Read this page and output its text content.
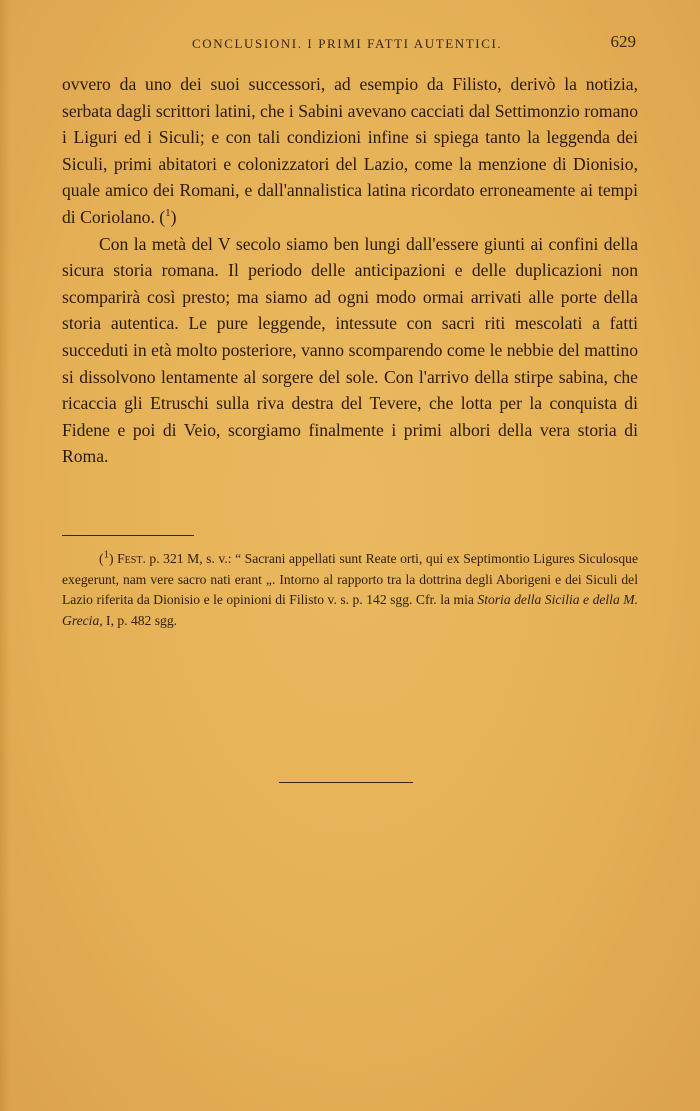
CONCLUSIONI. I PRIMI FATTI AUTENTICI.	629

ovvero da uno dei suoi successori, ad esempio da Filisto, derivò la notizia, serbata dagli scrittori latini, che i Sabini avevano cacciati dal Settimonzio romano i Liguri ed i Siculi; e con tali condizioni infine si spiega tanto la leggenda dei Siculi, primi abitatori e colonizzatori del Lazio, come la menzione di Dionisio, quale amico dei Romani, e dall'annalistica latina ricordato erroneamente ai tempi di Coriolano. ($^1$)

Con la metà del V secolo siamo ben lungi dall'essere giunti ai confini della sicura storia romana. Il periodo delle anticipazioni e delle duplicazioni non scomparirà così presto; ma siamo ad ogni modo ormai arrivati alle porte della storia autentica. Le pure leggende, intessute con sacri riti mescolati a fatti succeduti in età molto posteriore, vanno scomparendo come le nebbie del mattino si dissolvono lentamente al sorgere del sole. Con l'arrivo della stirpe sabina, che ricaccia gli Etruschi sulla riva destra del Tevere, che lotta per la conquista di Fidene e poi di Veio, scorgiamo finalmente i primi albori della vera storia di Roma.

($^1$) Fest. p. 321 M, s. v.: “ Sacrani appellati sunt Reate orti, qui ex Septimontio Ligures Siculosque exegerunt, nam vere sacro nati erant „. Intorno al rapporto tra la dottrina degli Aborigeni e dei Siculi del Lazio riferita da Dionisio e le opinioni di Filisto v. s. p. 142 sgg. Cfr. la mia Storia della Sicilia e della M. Grecia, I, p. 482 sgg.
